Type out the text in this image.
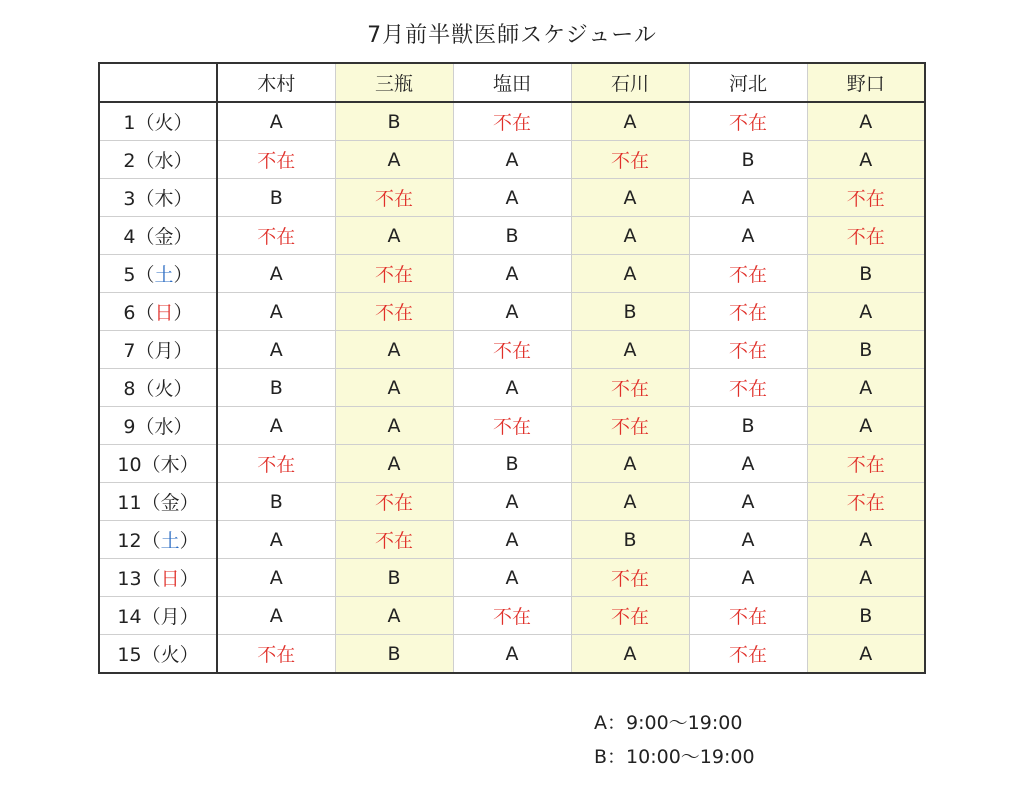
7月前半獣医師スケジュール
	木村	三瓶	塩田	石川	河北	野口
1（火）	A	B	不在	A	不在	A
2（水）	不在	A	A	不在	B	A
3（木）	B	不在	A	A	A	不在
4（金）	不在	A	B	A	A	不在
5（土）	A	不在	A	A	不在	B
6（日）	A	不在	A	B	不在	A
7（月）	A	A	不在	A	不在	B
8（火）	B	A	A	不在	不在	A
9（水）	A	A	不在	不在	B	A
10（木）	不在	A	B	A	A	不在
11（金）	B	不在	A	A	A	不在
12（土）	A	不在	A	B	A	A
13（日）	A	B	A	不在	A	A
14（月）	A	A	不在	不在	不在	B
15（火）	不在	B	A	A	不在	A
A：9:00〜19:00
B：10:00〜19:00
